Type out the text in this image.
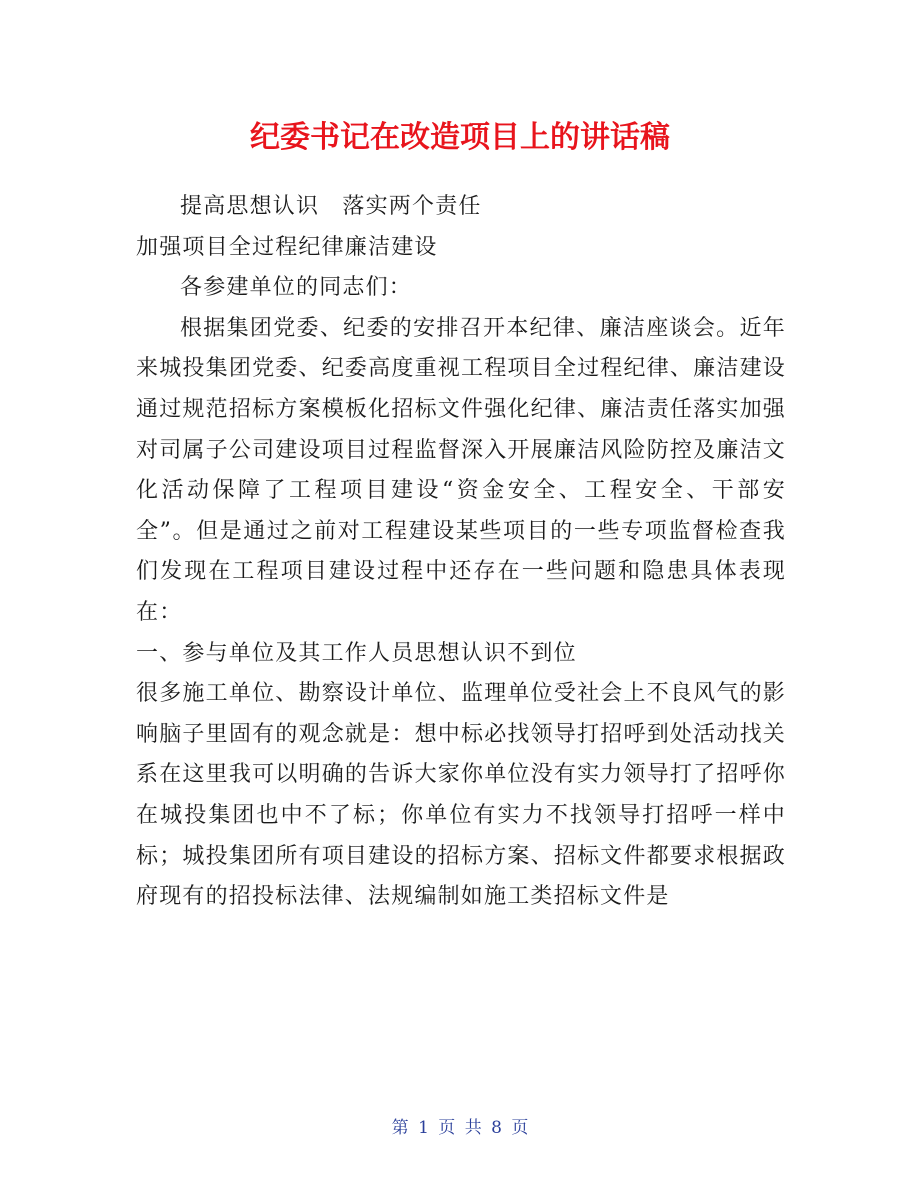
纪委书记在改造项目上的讲话稿

提高思想认识　落实两个责任

加强项目全过程纪律廉洁建设

各参建单位的同志们：

根据集团党委、纪委的安排召开本纪律、廉洁座谈会。近年来城投集团党委、纪委高度重视工程项目全过程纪律、廉洁建设通过规范招标方案模板化招标文件强化纪律、廉洁责任落实加强对司属子公司建设项目过程监督深入开展廉洁风险防控及廉洁文化活动保障了工程项目建设“资金安全、工程安全、干部安全”。但是通过之前对工程建设某些项目的一些专项监督检查我们发现在工程项目建设过程中还存在一些问题和隐患具体表现在：

一、参与单位及其工作人员思想认识不到位

很多施工单位、勘察设计单位、监理单位受社会上不良风气的影响脑子里固有的观念就是：想中标必找领导打招呼到处活动找关系在这里我可以明确的告诉大家你单位没有实力领导打了招呼你在城投集团也中不了标；你单位有实力不找领导打招呼一样中标；城投集团所有项目建设的招标方案、招标文件都要求根据政府现有的招投标法律、法规编制如施工类招标文件是

第 1 页 共 8 页
